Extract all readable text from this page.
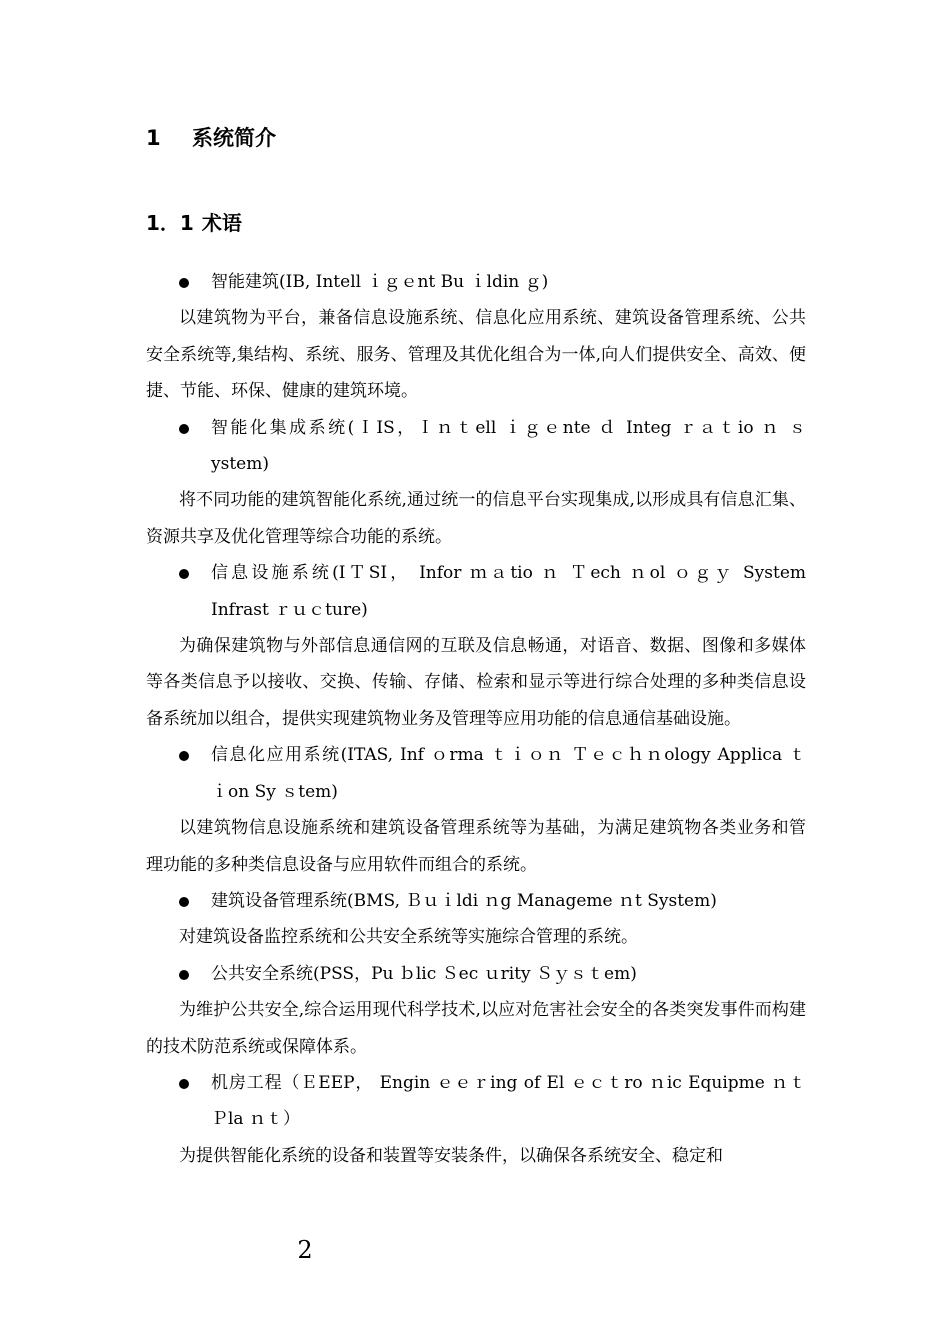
1 系统简介
1．1 术语
智能建筑(IB, Intell ｉｇｅnt Bu ｉldin ｇ)
以建筑物为平台，兼备信息设施系统、信息化应用系统、建筑设备管理系统、公共安全系统等,集结构、系统、服务、管理及其优化组合为一体,向人们提供安全、高效、便捷、节能、环保、健康的建筑环境。
智能化集成系统(ＩIS，Ｉｎｔell ｉｇｅnte ｄ Integ ｒａｔio ｎ ｓ
ystem)
将不同功能的建筑智能化系统,通过统一的信息平台实现集成,以形成具有信息汇集、资源共享及优化管理等综合功能的系统。
信息设施系统(IＴSI， Infor ｍａtio ｎ Ｔech ｎol ｏｇｙ System
Infrast ｒｕｃture)
为确保建筑物与外部信息通信网的互联及信息畅通，对语音、数据、图像和多媒体等各类信息予以接收、交换、传输、存储、检索和显示等进行综合处理的多种类信息设备系统加以组合，提供实现建筑物业务及管理等应用功能的信息通信基础设施。
信息化应用系统(ITAS, Inf ｏrma ｔｉｏｎ Ｔｅｃｈｎology Applica ｔ
ｉon Sy ｓtem)
以建筑物信息设施系统和建筑设备管理系统等为基础，为满足建筑物各类业务和管理功能的多种类信息设备与应用软件而组合的系统。
建筑设备管理系统(BMS, Ｂｕｉldi ｎg Manageme ｎt System)
对建筑设备监控系统和公共安全系统等实施综合管理的系统。
公共安全系统(PSS，Pu ｂlic Ｓec ｕrity Ｓｙｓｔem)
为维护公共安全,综合运用现代科学技术,以应对危害社会安全的各类突发事件而构建的技术防范系统或保障体系。
机房工程（ＥEEP， Engin ｅｅｒing of El ｅｃｔro ｎic Equipme ｎｔ
Ｐla ｎｔ）
为提供智能化系统的设备和装置等安装条件，以确保各系统安全、稳定和
2
